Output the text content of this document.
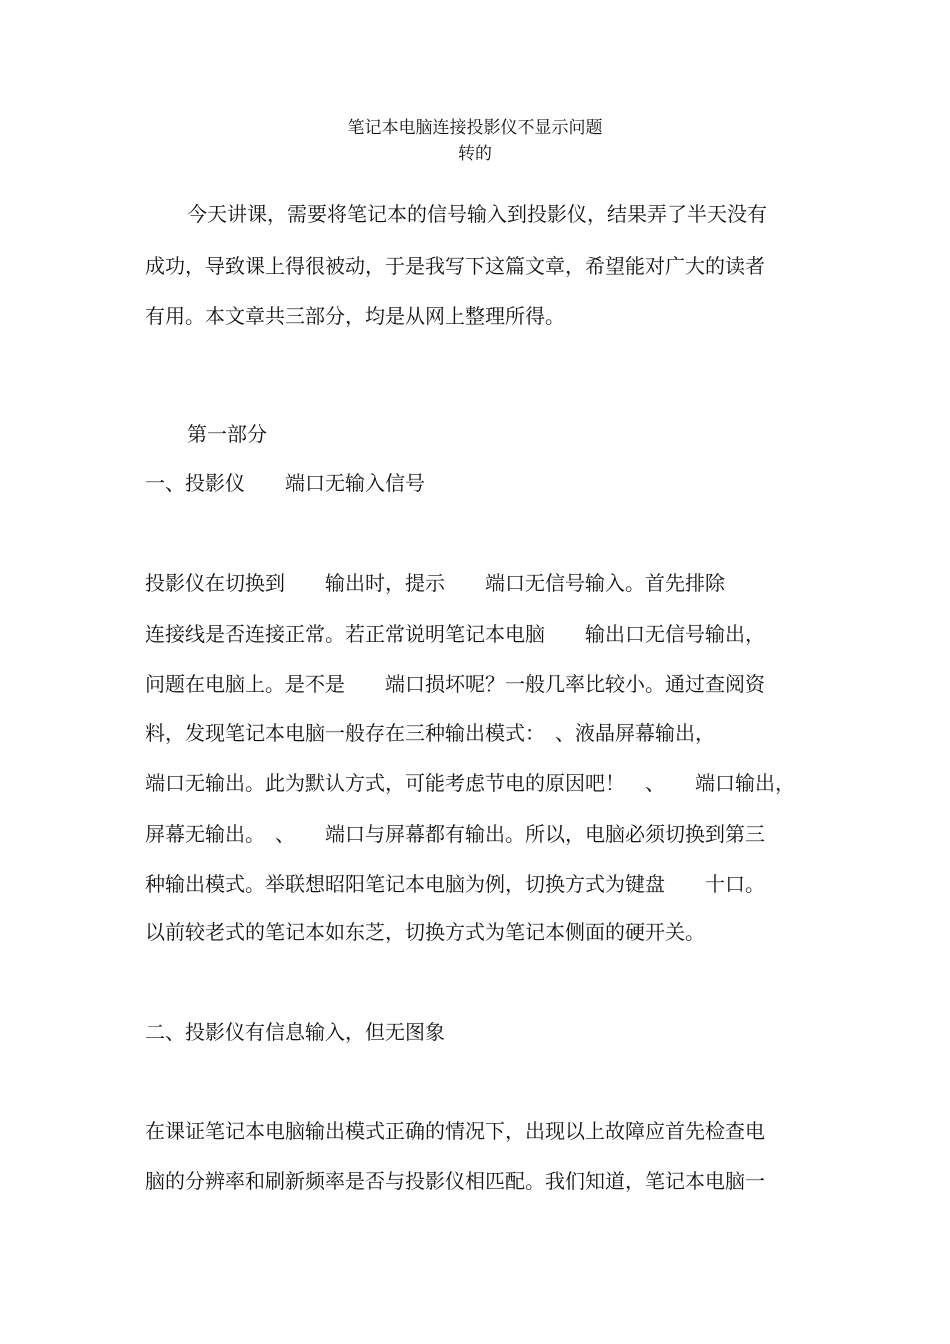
笔记本电脑连接投影仪不显示问题
转的
今天讲课，需要将笔记本的信号输入到投影仪，结果弄了半天没有
成功，导致课上得很被动，于是我写下这篇文章，希望能对广大的读者
有用。本文章共三部分，均是从网上整理所得。
第一部分
一、投影仪　　端口无输入信号
投影仪在切换到　　输出时，提示　　端口无信号输入。首先排除
连接线是否连接正常。若正常说明笔记本电脑　　输出口无信号输出，
问题在电脑上。是不是　　端口损坏呢？一般几率比较小。通过查阅资
料，发现笔记本电脑一般存在三种输出模式：　、液晶屏幕输出，
端口无输出。此为默认方式，可能考虑节电的原因吧！　、　　端口输出，
屏幕无输出。　、　　端口与屏幕都有输出。所以，电脑必须切换到第三
种输出模式。举联想昭阳笔记本电脑为例，切换方式为键盘　　十口。
以前较老式的笔记本如东芝，切换方式为笔记本侧面的硬开关。
二、投影仪有信息输入，但无图象
在课证笔记本电脑输出模式正确的情况下，出现以上故障应首先检查电
脑的分辨率和刷新频率是否与投影仪相匹配。我们知道，笔记本电脑一
